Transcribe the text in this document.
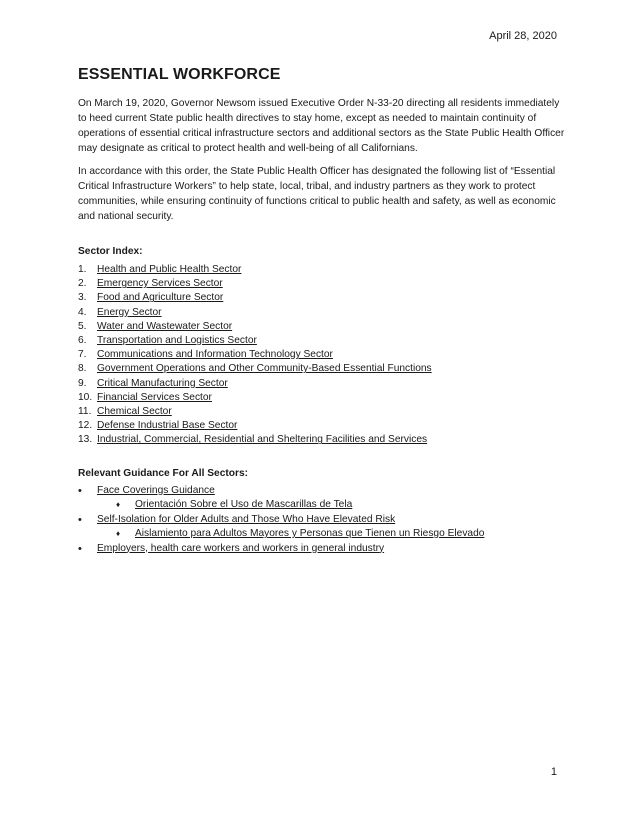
April 28, 2020
ESSENTIAL WORKFORCE

On March 19, 2020, Governor Newsom issued Executive Order N-33-20 directing all residents immediately to heed current State public health directives to stay home, except as needed to maintain continuity of operations of essential critical infrastructure sectors and additional sectors as the State Public Health Officer may designate as critical to protect health and well-being of all Californians.

In accordance with this order, the State Public Health Officer has designated the following list of “Essential Critical Infrastructure Workers” to help state, local, tribal, and industry partners as they work to protect communities, while ensuring continuity of functions critical to public health and safety, as well as economic and national security.

Sector Index:

1.	Health and Public Health Sector
2.	Emergency Services Sector
3.	Food and Agriculture Sector
4.	Energy Sector
5.	Water and Wastewater Sector
6.	Transportation and Logistics Sector
7.	Communications and Information Technology Sector
8.	Government Operations and Other Community-Based Essential Functions
9.	Critical Manufacturing Sector
10. Financial Services Sector
11. Chemical Sector
12. Defense Industrial Base Sector
13. Industrial, Commercial, Residential and Sheltering Facilities and Services

Relevant Guidance For All Sectors:

•	Face Coverings Guidance
♦	Orientación Sobre el Uso de Mascarillas de Tela
•	Self-Isolation for Older Adults and Those Who Have Elevated Risk
♦	Aislamiento para Adultos Mayores y Personas que Tienen un Riesgo Elevado
•	Employers, health care workers and workers in general industry
1
